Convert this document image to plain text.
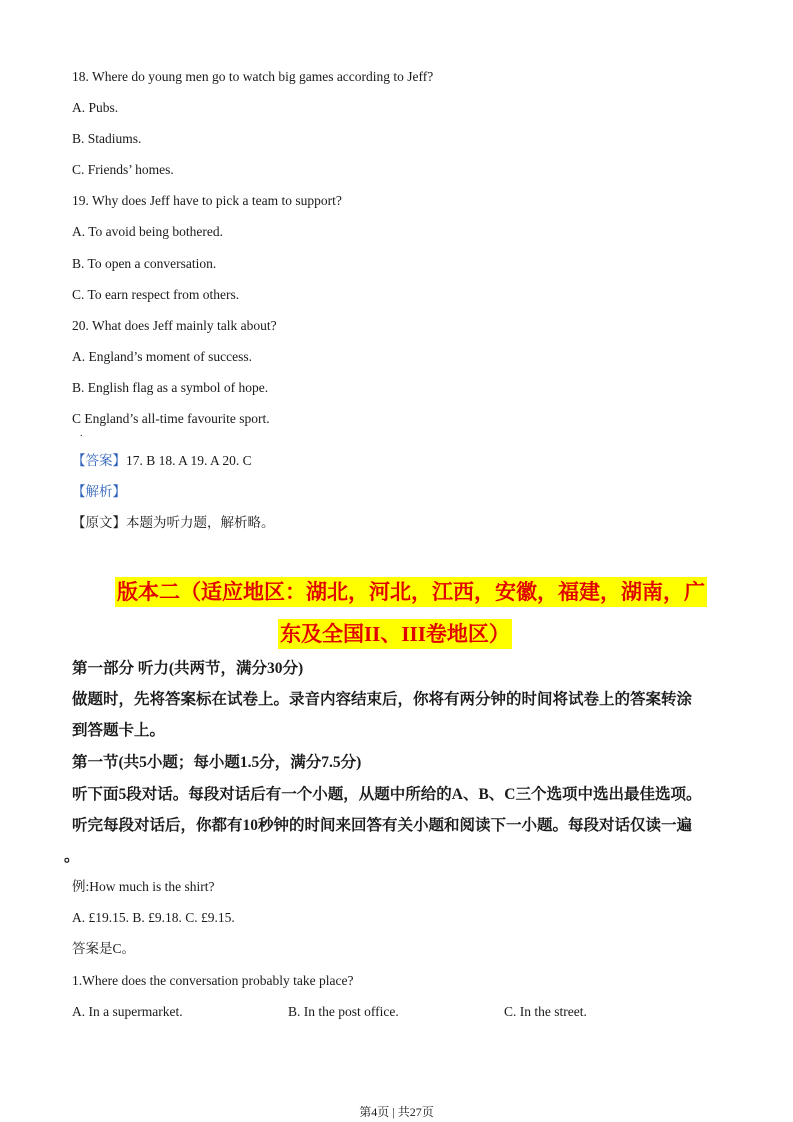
18. Where do young men go to watch big games according to Jeff?
A. Pubs.
B. Stadiums.
C. Friends’ homes.
19. Why does Jeff have to pick a team to support?
A. To avoid being bothered.
B. To open a conversation.
C. To earn respect from others.
20. What does Jeff mainly talk about?
A. England’s moment of success.
B. English flag as a symbol of hope.
C England’s all-time favourite sport.
.
【答案】17. B 18. A 19. A 20. C
【解析】
【原文】本题为听力题，解析略。
版本二（适应地区：湖北，河北，江西，安徽，福建，湖南，广
东及全国II、III卷地区）
第一部分 听力(共两节，满分30分)
做题时，先将答案标在试卷上。录音内容结束后，你将有两分钟的时间将试卷上的答案转涂
到答题卡上。
第一节(共5小题；每小题1.5分，满分7.5分)
听下面5段对话。每段对话后有一个小题，从题中所给的A、B、C三个选项中选出最佳选项。
听完每段对话后，你都有10秒钟的时间来回答有关小题和阅读下一小题。每段对话仅读一遍
。
例:How much is the shirt?
A. £19.15. B. £9.18. C. £9.15.
答案是C。
1.Where does the conversation probably take place?
A. In a supermarket.	B. In the post office.	C. In the street.
第4页 | 共27页
